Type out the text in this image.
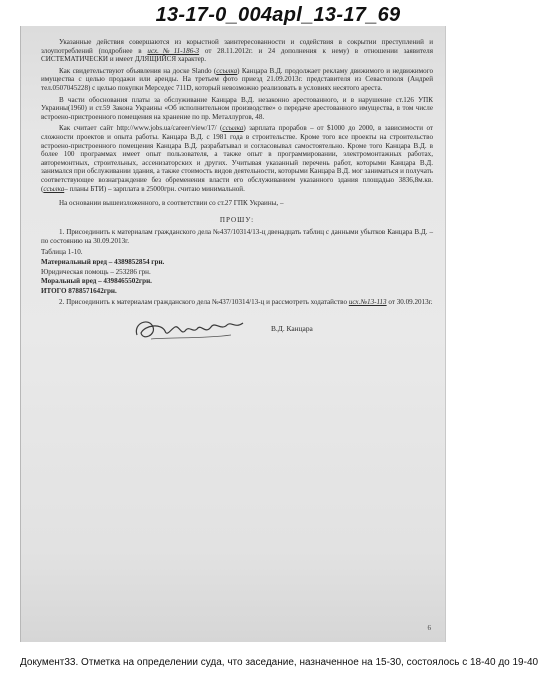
13-17-0_004apl_13-17_69

Указанные действия совершаются из корыстной заинтересованности и содействия в сокрытии преступлений и злоупотреблений (подробнее в исх.№11-186-3 от 28.11.2012г. и 24 дополнения к нему) в отношении заявителя СИСТЕМАТИЧЕСКИ и имеет ДЛЯЩИЙСЯ характер.

Как свидетельствуют объявления на доске Slando (ссылка) Канцара В.Д. продолжает рекламу движимого и недвижимого имущества с целью продажи или аренды. На третьем фото приезд 21.09.2013г. представителя из Севастополя (Андрей тел.0507045228) с целью покупки Мерседес 711D, который невозможно реализовать в условиях несятого ареста.

В части обоснования платы за обслуживание Канцара В.Д. незаконно арестованного, и в нарушение ст.126 УПК Украины(1960) и ст.59 Закона Украины «Об исполнительном производстве» о передаче арестованного имущества, в том числе встроено-пристроенного помещения на хранение по пр. Металлургов, 48.

Как считает сайт http://www.jobs.ua/career/view/17/ (ссылка) зарплата прорабов – от $1000 до 2000, в зависимости от сложности проектов и опыта работы. Канцара В.Д. с 1981 года в строительстве. Кроме того все проекты на строительство встроено-пристроенного помещения Канцара В.Д. разрабатывал и согласовывал самостоятельно. Кроме того Канцара В.Д. в более 100 программах имеет опыт пользователя, а также опыт в программировании, электромонтажных работах, авторемонтных, строительных, ассенизаторских и других. Учитывая указанный перечень работ, которыми Канцара В.Д. занимался при обслуживании здания, а также стоимость видов деятельности, которыми Канцара В.Д. мог заниматься и получать соответствующее вознаграждение без обременения власти его обслуживанием указанного здания площадью 3836,8м.кв. (ссылка– планы БТИ) – зарплата в 25000грн. считаю минимальной.

На основании вышеизложенного, в соответствии со ст.27 ГПК Украины, –

ПРОШУ:

1. Присоединить к материалам гражданского дела №437/10314/13-ц двенадцать таблиц с данными убытков Канцара В.Д. – по состоянию на 30.09.2013г.

Таблица 1-10.

Материальный вред – 4389852854 грн.

Юридическая помощь – 253286 грн.

Моральный вред – 4398465502грн.

ИТОГО 8788571642грн.

2. Присоединить к материалам гражданского дела №437/10314/13-ц и рассмотреть ходатайство исх.№13-113 от 30.09.2013г.

В.Д. Канцара
6
Документ33. Отметка на определении суда, что заседание, назначенное на 15-30, состоялось с 18-40 до 19-40
